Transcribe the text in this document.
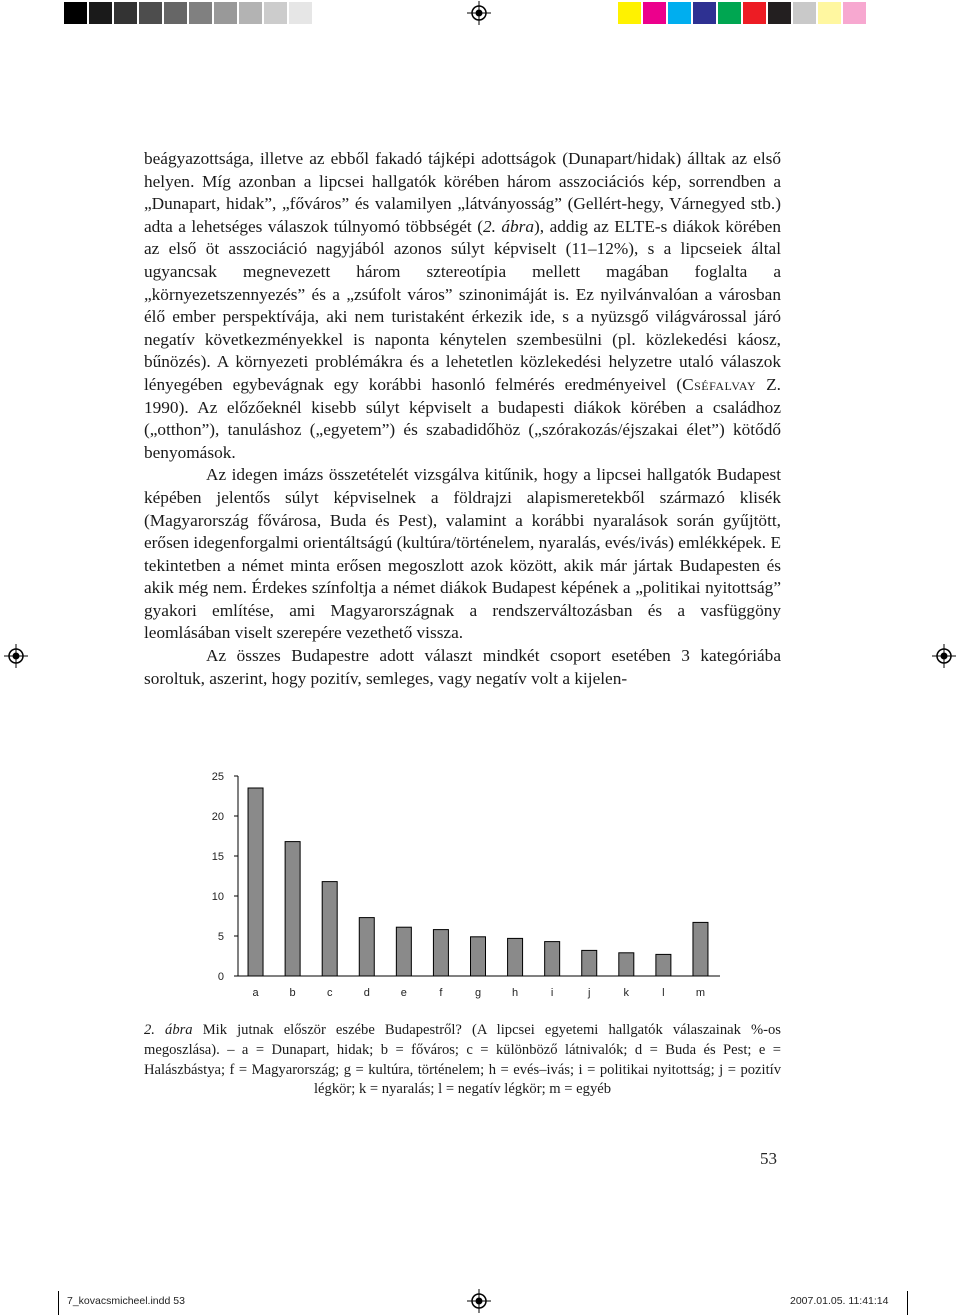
7_kovacsmicheel.indd 53	2007.01.05. 11:41:14

beágyazottsága, illetve az ebből fakadó tájképi adottságok (Dunapart/hidak) álltak az első helyen. Míg azonban a lipcsei hallgatók körében három asszociációs kép, sorrendben a „Dunapart, hidak”, „főváros” és valamilyen „látványosság” (Gellért-hegy, Várnegyed stb.) adta a lehetséges válaszok túlnyomó többségét (2. ábra), addig az ELTE-s diákok körében az első öt asszociáció nagyjából azonos súlyt képviselt (11–12%), s a lipcseiek által ugyancsak megnevezett három sztereotípia mellett magában foglalta a „környezetszennyezés” és a „zsúfolt város” szinonimáját is. Ez nyilvánvalóan a városban élő ember perspektívája, aki nem turistaként érkezik ide, s a nyüzsgő világvárossal járó negatív következményekkel is naponta kénytelen szembesülni (pl. közlekedési káosz, bűnözés). A környezeti problémákra és a lehetetlen közlekedési helyzetre utaló válaszok lényegében egybevágnak egy korábbi hasonló felmérés eredményeivel (Cséfalvay Z. 1990). Az előzőeknél kisebb súlyt képviselt a budapesti diákok körében a családhoz („otthon”), tanuláshoz („egyetem”) és szabadidőhöz („szórakozás/éjszakai élet”) kötődő benyomások.

Az idegen imázs összetételét vizsgálva kitűnik, hogy a lipcsei hallgatók Budapest képében jelentős súlyt képviselnek a földrajzi alapismeretekből származó klisék (Magyarország fővárosa, Buda és Pest), valamint a korábbi nyaralások során gyűjtött, erősen idegenforgalmi orientáltságú (kultúra/történelem, nyaralás, evés/ivás) emlékképek. E tekintetben a német minta erősen megoszlott azok között, akik már jártak Budapesten és akik még nem. Érdekes színfoltja a német diákok Budapest képének a „politikai nyitottság” gyakori említése, ami Magyarországnak a rendszerváltozásban és a vasfüggöny leomlásában viselt szerepére vezethető vissza.

Az összes Budapestre adott választ mindkét csoport esetében 3 kategóriába soroltuk, aszerint, hogy pozitív, semleges, vagy negatív volt a kijelen-

0
5
10
15
20
25
a	b	c	d	e	f	g	h	i	j	k	l	m
2. ábra Mik jutnak először eszébe Budapestről? (A lipcsei egyetemi hallgatók válaszainak %-os megoszlása). – a = Dunapart, hidak; b = főváros; c = különböző látnivalók; d = Buda és Pest; e = Halászbástya; f = Magyarország; g = kultúra, történelem; h = evés–ivás; i = politikai nyitottság; j = pozitív légkör; k = nyaralás; l = negatív légkör; m = egyéb
53
